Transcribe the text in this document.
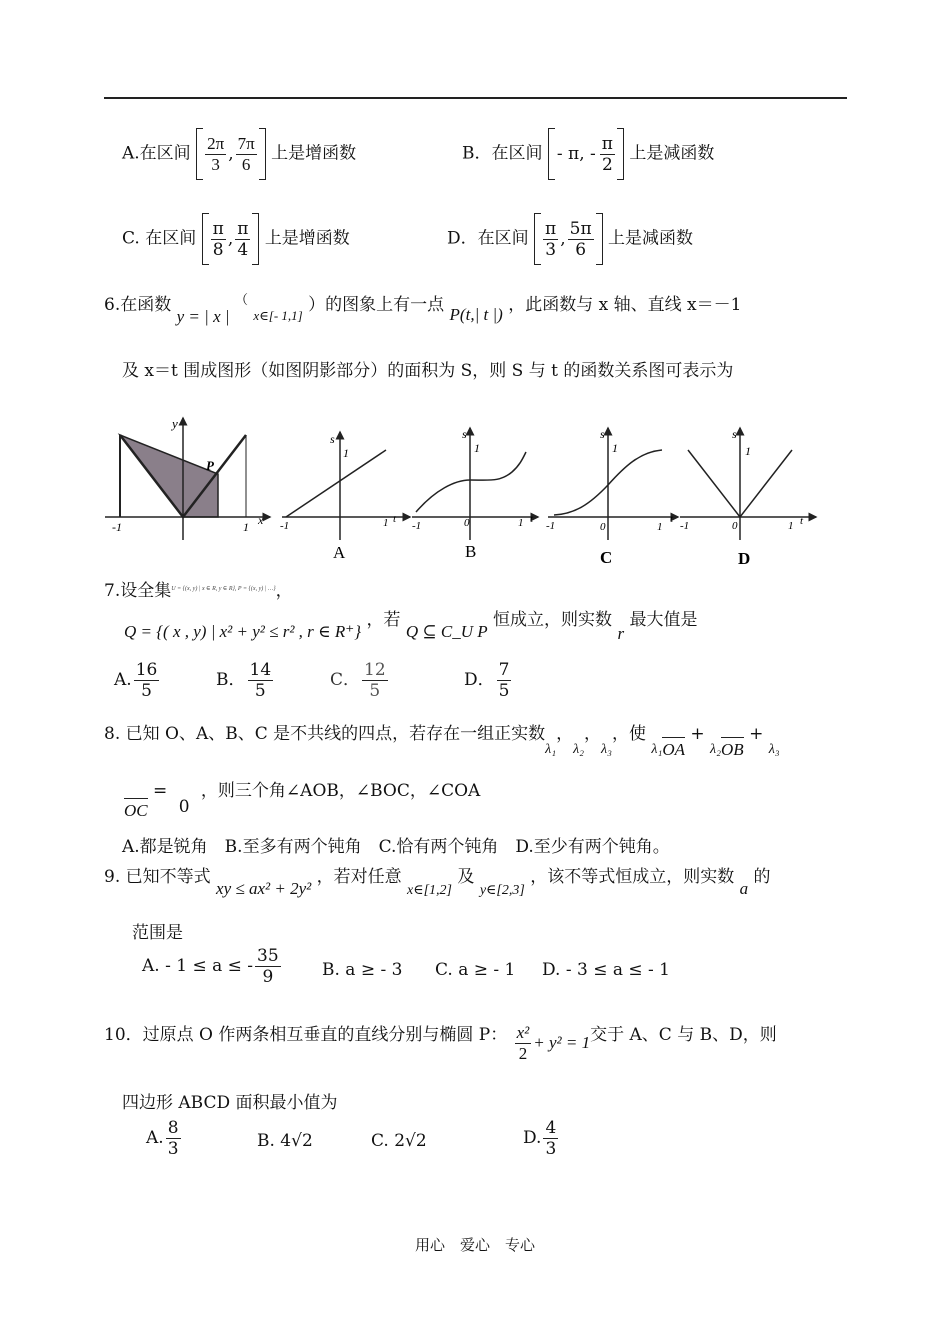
A.在区间 $\frac{2\pi}{3}$ , $\frac{7\pi}{6}$ 上是增函数	B．在区间 - π, - $\frac{\pi}{2}$ 上是减函数
C. 在区间 $\frac{\pi}{8}$ , $\frac{\pi}{4}$ 上是增函数	D．在区间 $\frac{\pi}{3}$ , $\frac{5\pi}{6}$ 上是减函数
6.在函数 y = | x | （ $_{x\in[- 1,1]}$ ）的图象上有一点 P(t,| t |) ，此函数与 x 轴、直线 x＝－1
及 x＝t 围成图形（如图阴影部分）的面积为 S，则 S 与 t 的函数关系图可表示为
y
P
-1	1 x
s
1
-1	1 t
A
s
1
-1	0	1 t
B
s
1
-1	0	1
t
C
s
1
-1	0	1 t
D
7.设全集$^{U = \{(x, y) | x \in R, y \in R\}, P = \{(x, y) | \dots\}}$，
Q = {( x , y) | x² + y² ≤ r² , r ∈ R⁺} ，若 Q ⊆ C_U P 恒成立，则实数 r 最大值是
A. $\frac{16}{5}$	B． $\frac{14}{5}$	C． $\frac{12}{5}$	D． $\frac{7}{5}$
8. 已知 O、A、B、C 是不共线的四点，若存在一组正实数$_{\lambda_1}$，$_{\lambda_2}$，$_{\lambda_3}$，使 $_{\lambda_1}$OA + $_{\lambda_2}$OB + $_{\lambda_3}$
OC = 0 ，则三个角∠AOB，∠BOC，∠COA
A.都是锐角　B.至多有两个钝角　C.恰有两个钝角　D.至少有两个钝角。
9. 已知不等式 xy ≤ ax² + 2y² ，若对任意 $_{x\in[1,2]}$ 及 $_{y\in[2,3]}$ ，该不等式恒成立，则实数 a 的
范围是
A. - 1 ≤ a ≤ - $\frac{35}{9} B$. a ≥ - 3 C. a ≥ - 1 D. - 3 ≤ a ≤ - 1
10．过原点 O 作两条相互垂直的直线分别与椭圆 P： $\frac{\text{x²}}{2} + y^2 = 1$交于 A、C 与 B、D，则
四边形 ABCD 面积最小值为
A. $\frac{8}{3}$	B. 4√2	C. 2√2	D. $\frac{4}{3}$
用心　爱心　专心
